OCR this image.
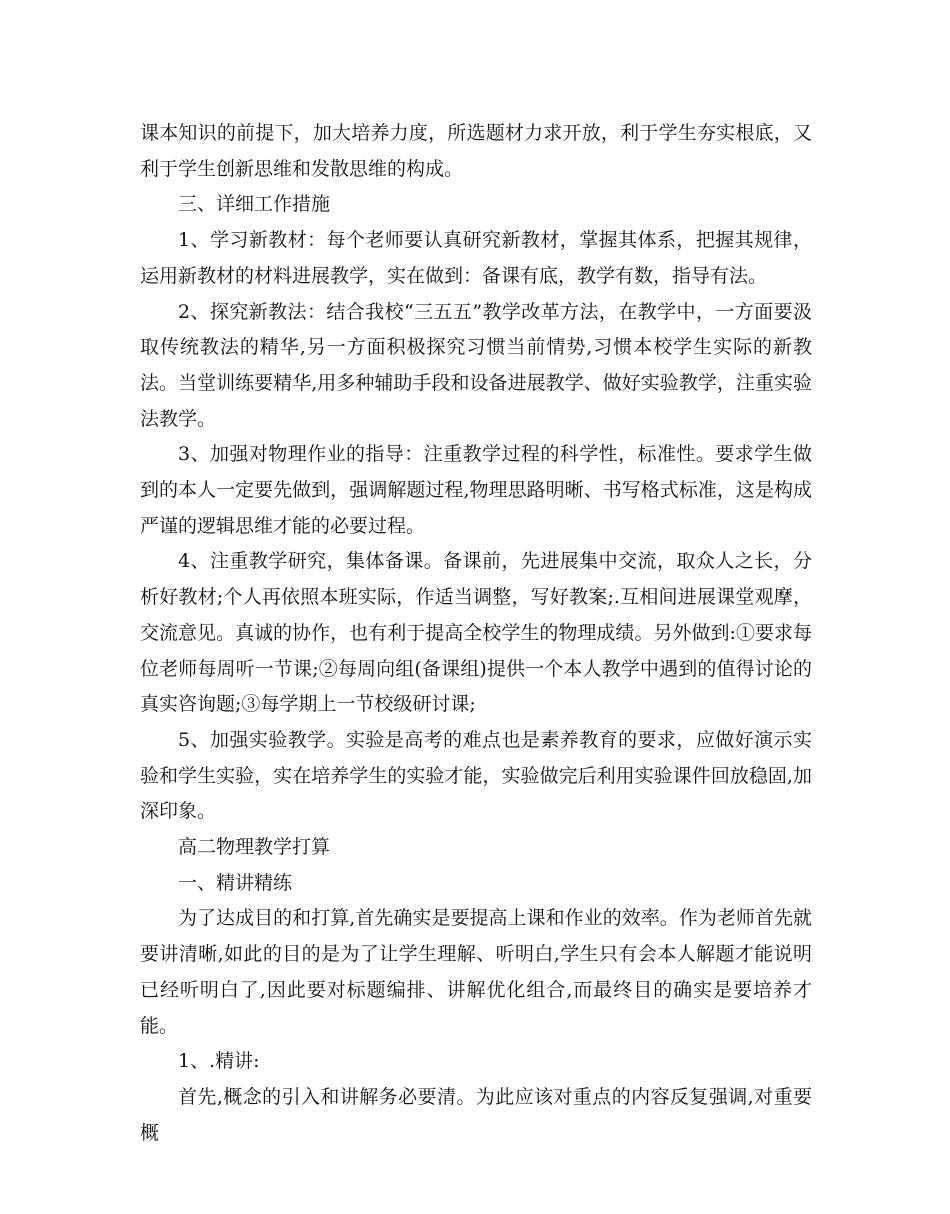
课本知识的前提下，加大培养力度，所选题材力求开放，利于学生夯实根底，又利于学生创新思维和发散思维的构成。

三、详细工作措施

1、学习新教材：每个老师要认真研究新教材，掌握其体系，把握其规律，运用新教材的材料进展教学，实在做到：备课有底，教学有数，指导有法。

2、探究新教法：结合我校“三五五”教学改革方法，在教学中，一方面要汲取传统教法的精华,另一方面积极探究习惯当前情势,习惯本校学生实际的新教法。当堂训练要精华,用多种辅助手段和设备进展教学、做好实验教学，注重实验法教学。

3、加强对物理作业的指导：注重教学过程的科学性，标准性。要求学生做到的本人一定要先做到，强调解题过程,物理思路明晰、书写格式标准，这是构成严谨的逻辑思维才能的必要过程。

4、注重教学研究，集体备课。备课前，先进展集中交流，取众人之长，分析好教材;个人再依照本班实际，作适当调整，写好教案;.互相间进展课堂观摩，交流意见。真诚的协作，也有利于提高全校学生的物理成绩。另外做到:①要求每位老师每周听一节课;②每周向组(备课组)提供一个本人教学中遇到的值得讨论的真实咨询题;③每学期上一节校级研讨课;

5、加强实验教学。实验是高考的难点也是素养教育的要求，应做好演示实验和学生实验，实在培养学生的实验才能，实验做完后利用实验课件回放稳固,加深印象。

高二物理教学打算

一、精讲精练

为了达成目的和打算,首先确实是要提高上课和作业的效率。作为老师首先就要讲清晰,如此的目的是为了让学生理解、听明白,学生只有会本人解题才能说明已经听明白了,因此要对标题编排、讲解优化组合,而最终目的确实是要培养才能。

1、.精讲:

首先,概念的引入和讲解务必要清。为此应该对重点的内容反复强调,对重要概
